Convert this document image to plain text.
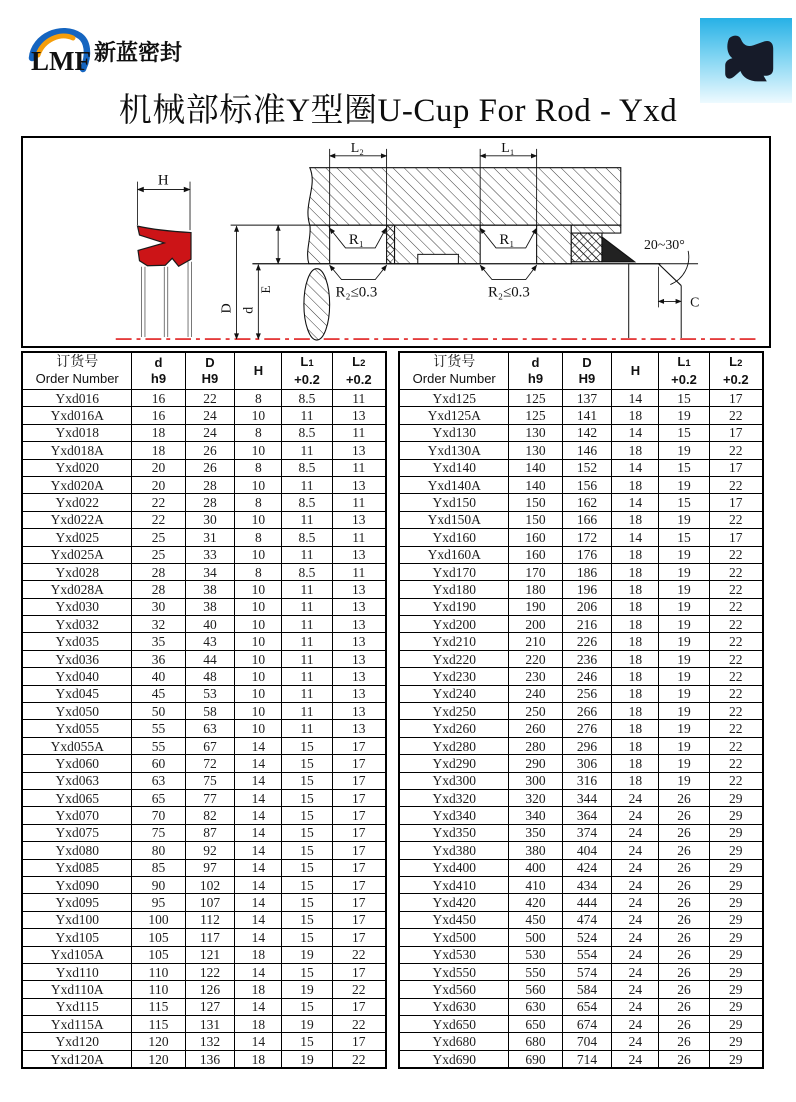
LMF 新蓝密封
机械部标准Y型圈U-Cup For Rod - Yxd
H
L₂	L₁
R₁	R₁
R₂≤0.3	R₂≤0.3
D d
E
20~30°
C
订货号
Order Number

d
h9

D
H9

H

L1
+0.2

L2
+0.2

Yxd016	16	22	8	8.5	11
Yxd016A	16	24	10	11	13
Yxd018	18	24	8	8.5	11
Yxd018A	18	26	10	11	13
Yxd020	20	26	8	8.5	11
Yxd020A	20	28	10	11	13
Yxd022	22	28	8	8.5	11
Yxd022A	22	30	10	11	13
Yxd025	25	31	8	8.5	11
Yxd025A	25	33	10	11	13
Yxd028	28	34	8	8.5	11
Yxd028A	28	38	10	11	13
Yxd030	30	38	10	11	13
Yxd032	32	40	10	11	13
Yxd035	35	43	10	11	13
Yxd036	36	44	10	11	13
Yxd040	40	48	10	11	13
Yxd045	45	53	10	11	13
Yxd050	50	58	10	11	13
Yxd055	55	63	10	11	13
Yxd055A	55	67	14	15	17
Yxd060	60	72	14	15	17
Yxd063	63	75	14	15	17
Yxd065	65	77	14	15	17
Yxd070	70	82	14	15	17
Yxd075	75	87	14	15	17
Yxd080	80	92	14	15	17
Yxd085	85	97	14	15	17
Yxd090	90	102	14	15	17
Yxd095	95	107	14	15	17
Yxd100	100	112	14	15	17
Yxd105	105	117	14	15	17
Yxd105A	105	121	18	19	22
Yxd110	110	122	14	15	17
Yxd110A	110	126	18	19	22
Yxd115	115	127	14	15	17
Yxd115A	115	131	18	19	22
Yxd120	120	132	14	15	17
Yxd120A	120	136	18	19	22
订货号
Order Number

d
h9

D
H9

H

L1
+0.2

L2
+0.2

Yxd125	125	137	14	15	17
Yxd125A	125	141	18	19	22
Yxd130	130	142	14	15	17
Yxd130A	130	146	18	19	22
Yxd140	140	152	14	15	17
Yxd140A	140	156	18	19	22
Yxd150	150	162	14	15	17
Yxd150A	150	166	18	19	22
Yxd160	160	172	14	15	17
Yxd160A	160	176	18	19	22
Yxd170	170	186	18	19	22
Yxd180	180	196	18	19	22
Yxd190	190	206	18	19	22
Yxd200	200	216	18	19	22
Yxd210	210	226	18	19	22
Yxd220	220	236	18	19	22
Yxd230	230	246	18	19	22
Yxd240	240	256	18	19	22
Yxd250	250	266	18	19	22
Yxd260	260	276	18	19	22
Yxd280	280	296	18	19	22
Yxd290	290	306	18	19	22
Yxd300	300	316	18	19	22
Yxd320	320	344	24	26	29
Yxd340	340	364	24	26	29
Yxd350	350	374	24	26	29
Yxd380	380	404	24	26	29
Yxd400	400	424	24	26	29
Yxd410	410	434	24	26	29
Yxd420	420	444	24	26	29
Yxd450	450	474	24	26	29
Yxd500	500	524	24	26	29
Yxd530	530	554	24	26	29
Yxd550	550	574	24	26	29
Yxd560	560	584	24	26	29
Yxd630	630	654	24	26	29
Yxd650	650	674	24	26	29
Yxd680	680	704	24	26	29
Yxd690	690	714	24	26	29
